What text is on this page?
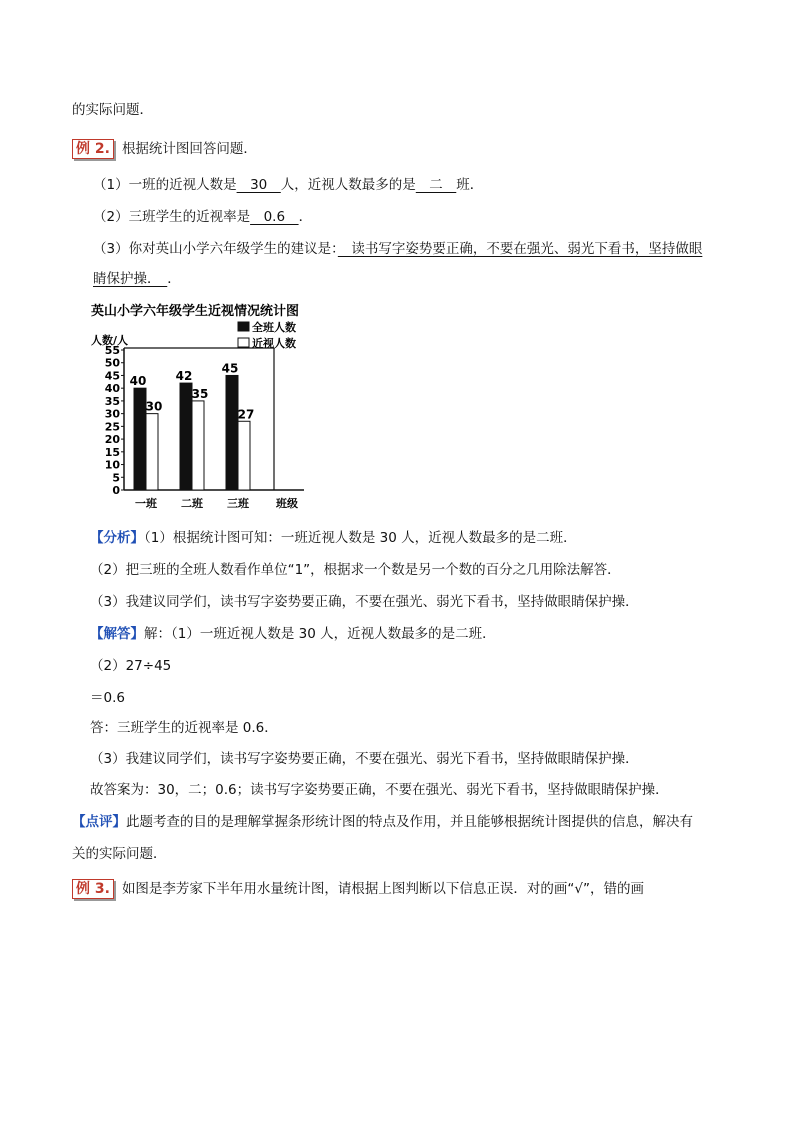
的实际问题．
例 2. 根据统计图回答问题．
（1）一班的近视人数是　30　人，近视人数最多的是　二　班．
（2）三班学生的近视率是　0.6　．
（3）你对英山小学六年级学生的建议是：　读书写字姿势要正确，不要在强光、弱光下看书，坚持做眼
睛保护操．　．
英山小学六年级学生近视情况统计图
人数/人
班级
全班人数
近视人数
0
5
10
15
20
25
30
35
40
45
50
55
40
30
一班
42
35
二班
45
27
三班
【分析】（1）根据统计图可知：一班近视人数是 30 人，近视人数最多的是二班．
（2）把三班的全班人数看作单位“1”，根据求一个数是另一个数的百分之几用除法解答．
（3）我建议同学们，读书写字姿势要正确，不要在强光、弱光下看书，坚持做眼睛保护操．
【解答】解：（1）一班近视人数是 30 人，近视人数最多的是二班．
（2）27÷45
＝0.6
答：三班学生的近视率是 0.6．
（3）我建议同学们，读书写字姿势要正确，不要在强光、弱光下看书，坚持做眼睛保护操．
故答案为：30，二；0.6；读书写字姿势要正确，不要在强光、弱光下看书，坚持做眼睛保护操．
【点评】此题考查的目的是理解掌握条形统计图的特点及作用，并且能够根据统计图提供的信息，解决有
关的实际问题．
例 3. 如图是李芳家下半年用水量统计图，请根据上图判断以下信息正误．对的画“√”，错的画
